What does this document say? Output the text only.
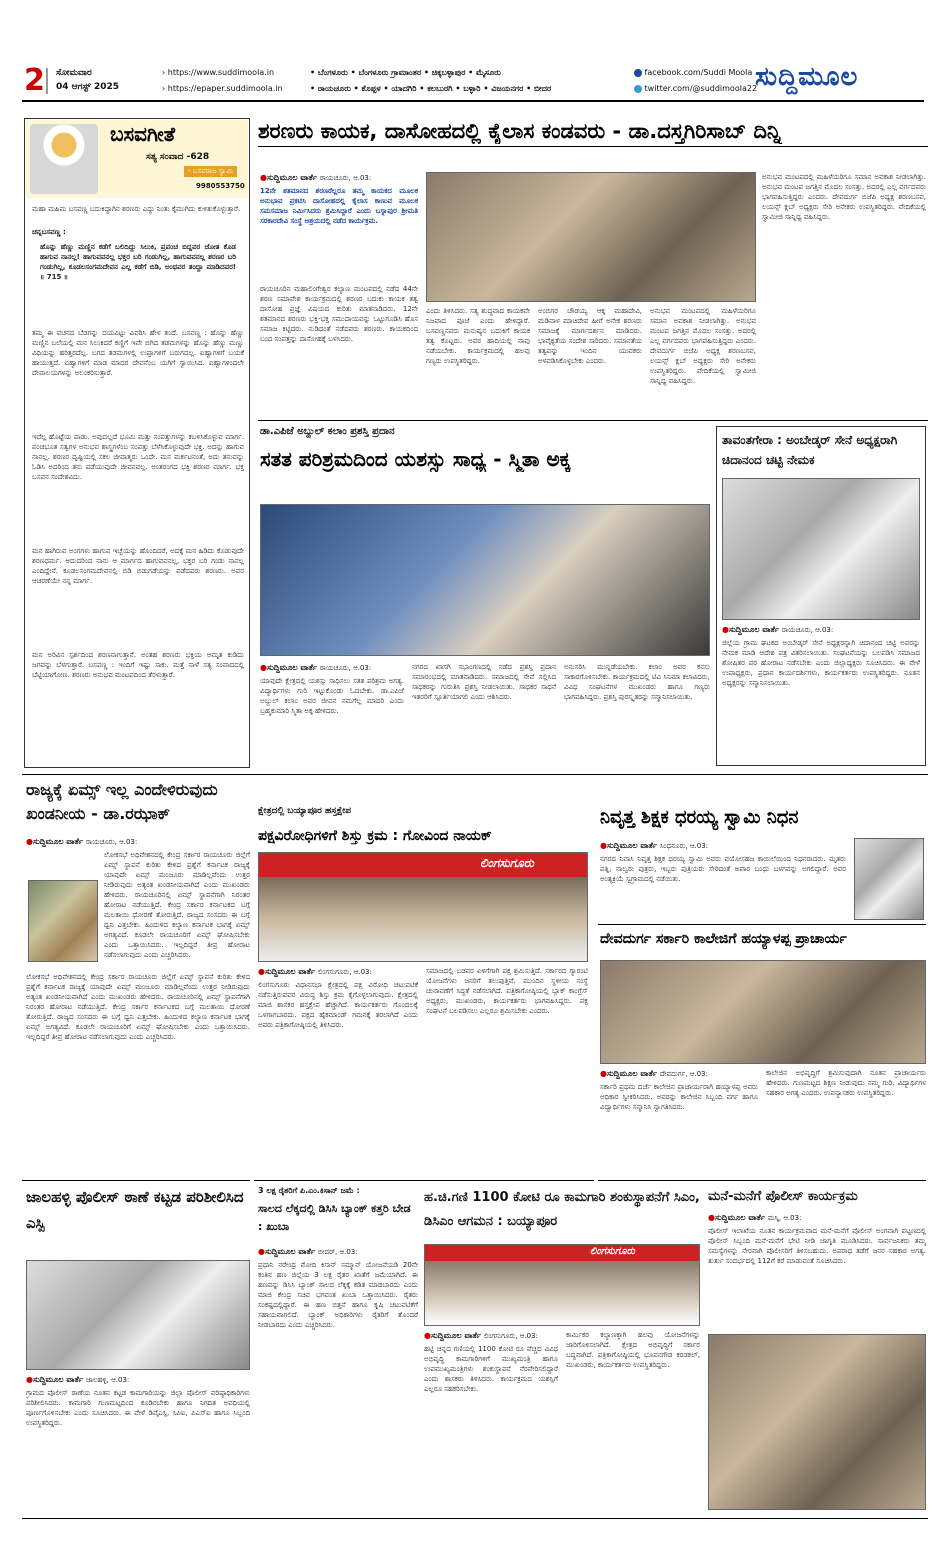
2 ಸೋಮವಾರ
04 ಆಗಸ್ಟ್ 2025
› https://www.suddimoola.in
› https://epaper.suddimoola.in
• ಬೆಂಗಳೂರು • ಬೆಂಗಳೂರು ಗ್ರಾಮಾಂತರ • ಚಿಕ್ಕಬಳ್ಳಾಪುರ • ಮೈಸೂರು
• ರಾಯಚೂರು • ಕೊಪ್ಪಳ • ಯಾದಗಿರಿ • ಕಲಬುರಗಿ • ಬಳ್ಳಾರಿ • ವಿಜಯನಗರ • ಬೀದರ
facebook.com/Suddi Moola
twitter.com/@suddimoola22
ಸುದ್ದಿಮೂಲ
ಬಸವಗೀತೆ
ಸತ್ಯ ಸಂವಾದ -628
- ಬಸವರಾಜ ಸ್ವಾಮಿ
9980553750
ಮಹಾ ಮಹಿಮ ಬಸವಣ್ಣ ಬದುಕಿದ್ದಾಗಿನ ಶರಣರು ಎದ್ದು ನಿಂತು ಕೈಮುಗಿದು ಕುಳಿತುಕೊಳ್ಳುತ್ತಾರೆ.
ಚನ್ನಬಸವಣ್ಣ :
ಹೊನ್ನು ಹೆಣ್ಣು ಮಣ್ಣಿನ ಕಡೆಗೆ ಬಲಿದಿದ್ದು ಸಿಲುಕಿ, ಪ್ರಪಂಚ ಬಿದ್ದವರ ಜೋತ ಕೊಡ ಹಾಗುವ ನಾನಲ್ಲ! ಹಾಗುವವನಲ್ಲ ಭಕ್ತರ ಬರಿ ಗಂಡುಗಿಲ್ಲ, ಹಾಗುವವನಲ್ಲ ಶರಣರ ಬರಿ ಗಂಡುಗಿಲ್ಲ, ಕೂಡಲಸಂಗಮದೇವನ ಎಲ್ಲ ಕಡೆಗೆ ಬಿಡಿ, ಅಂಥವರ ತಂದ್ದಾ ಮಾಡಿದವರ! ॥ 715 ॥
ತಮ್ಮ ಈ ವಚನದ ಬೆಡಗನ್ನು ದಯವಿಟ್ಟು ವಿವರಿಸಿ ಹೇಳ ತಂದೆ. ಬಸವಣ್ಣ : ಹೊನ್ನು ಹೆಣ್ಣು ಮಣ್ಣಿನ ಬಲೆಯಲ್ಲಿ ಮನ ಸಿಲುಕಿದರೆ ಕಣ್ಣಿಗೆ ಇವೇ ಬಿಗಿದ ತಡಮಗಳನ್ನು ಹೊನ್ನು ಹೆಣ್ಣು ಮಣ್ಣು ವಿಧಿಯನ್ನು ಹರಿತ್ತರದೆಲ್ಲ. ಬಗದ ತಡಮಗಳಲ್ಲಿ ಉಪ್ಪಾಗಳಿಗೆ ಬರುಗದಲ್ಲ. ಐಹ್ವಾಗಳಿಗೆ ಬಯಕೆ ಹಾಯುತ್ತದೆ. ಐಹ್ವಾಗಳಿಗೆ ಮಾಡ ಮಾದರ ದೇವನೆಂಬ ಯಗಿಗೆ ಸ್ವಾಯಿಸಿದ. ಐಹ್ವಾಗಳಿಂದಲೇ ದೇವಾಲಯಗಳನ್ನು ಅಲಂಕರಿಸುತ್ತಾರೆ.
ಇದೆಲ್ಲ ಹೊಟ್ಟೆಯ ಪಾಡು. ಅವುದಲ್ಲದೆ ಭೂಮಿ ಮತ್ತು ಸಂಪತ್ತುಗಳನ್ನು ಕಬಳಿಸಿಕೊಳ್ಳುವ ಮಾರ್ಗ. ಪಂಚಭೂತ ಸತ್ವಗಳ ಅನುಭವ ಶಾಸ್ತ್ರಗಳೆಂಬ ಸಂಪತ್ತು ಬೆಳೆಸಿಕೊಳ್ಳುವುದೇ ಭಕ್ತಿ. ಅದನ್ನು ಹಾಗುವ ನಾನಲ್ಲ. ಶರಣರ ದೃಷ್ಟಿಯಲ್ಲಿ ಸಕಲ ಜೀವಾತ್ಮರು ಒಂದೇ. ಮನ ಮರ್ಕಟನಂತೆ, ಅದು ತನುವನ್ನು ಓಡಿಸಿ ಅದರಿಂದ ತನು ಪಡೆಯುವುದೇ ಜೀವನವಲ್ಲ. ಅಂತರಂಗದ ಭಕ್ತಿ ಶರಣರ ಮಾರ್ಗ. ಭಕ್ತ ಬಸವನ ಸಂದೇಶವಿದು.
ಮನ ಹಾಗಿರುವ ಅಂಗಗಳು ಹಾಗುವ ಇಚ್ಛೆಯನ್ನು ಹೊಂದಿದರೆ, ಅದಕ್ಕೆ ಮನ ಹಿಡಿದು ಕೊಡುವುದೇ ಶರಣಧರ್ಮ. ಆದುದರಿಂದ ನಾನು ಆ ಮಾರ್ಗದ ಹಾಗುವವನಲ್ಲ, ಭಕ್ತರ ಬರಿ ಗಂಡು ನಾನಲ್ಲ ಎಂದಿದ್ದೇನೆ. ಕೂಡಲಸಂಗಮದೇವನಲ್ಲಿ ಬಿಡಿ ಬಿಡುಗಡೆಯನ್ನು ಪಡೆದವರು ಶರಣರು. ಅವರ ಆಚರಣೆಯೇ ನನ್ನ ಮಾರ್ಗ.
ಮನ ಅರಿವಿನ ಸ್ಪರ್ಶದಿಂದ ಶರಣನಾಗುತ್ತಾನೆ. ಅಂತಹ ಶರಣರು ಭಕ್ತಿಯ ಅಮೃತ ಕುಡಿದು ಜಗವನ್ನು ಬೆಳಗುತ್ತಾರೆ. ಬಸವಣ್ಣ : ಇಂದಿಗೆ ಇಷ್ಟು ಸಾಕು. ಮತ್ತೆ ನಾಳೆ ಸತ್ಯ ಸಂವಾದದಲ್ಲಿ ಬೆಟ್ಟಿಯಾಗೋಣ. ಶರಣರು ಅನುಭವ ಮಂಟಪದಿಂದ ತೆರಳುತ್ತಾರೆ.
ಶರಣರು ಕಾಯಕ, ದಾಸೋಹದಲ್ಲಿ ಕೈಲಾಸ ಕಂಡವರು - ಡಾ.ದಸ್ತಗಿರಿಸಾಬ್ ದಿನ್ನಿ
●ಸುದ್ದಿಮೂಲ ವಾರ್ತೆ ರಾಯಚೂರು, ಆ.03:
12ನೇ ಶತಮಾನದ ಶರಣರೆಲ್ಲರೂ ತಮ್ಮ ಕಾಯಕದ ಮೂಲಕ ಅನುಭಾವ ಪ್ರಕಟಿಸಿ ದಾಸೋಹದಲ್ಲಿ ಕೈಲಾಸ ಕಾಣುವ ಮೂಲಕ ಸಮಸಮಾಜ ನಿರ್ಮಿಸಿದರು ಶ್ರಮಿಸಿದ್ದಾರೆ ಎಂದು ಬಸ್ನಾಪುರ ಶ್ರೀಮತಿ ಸರಕಾರದೇವಿ ಸಂಸ್ಥೆ ಆಶ್ರಯದಲ್ಲಿ ನಡೆದ ಕಾರ್ಯಕ್ರಮ.
ರಾಯಚೂರಿನ ಮಹಾಲಿಂಗೇಶ್ವರ ಕಲ್ಯಾಣ ಮಂಟಪದಲ್ಲಿ ನಡೆದ 44ನೇ ಶರಣ ಸಮಾವೇಶ ಕಾರ್ಯಕ್ರಮದಲ್ಲಿ ಶರಣರ ಬದುಕು ಕಾಯಕ ತತ್ವ ದಾಸೋಹ ಪ್ರಜ್ಞೆ ವಿಷಯದ ಕುರಿತು ಮಾತನಾಡಿದರು. 12ನೇ ಶತಮಾನದ ಶರಣರು ಭಕ್ತಿ-ಭಕ್ತ ಸಮುದಾಯವನ್ನು ಒಟ್ಟುಗೂಡಿಸಿ ಹೊಸ ಸಮಾಜ ಕಟ್ಟಿದರು. ನುಡಿದಂತೆ ನಡೆದವರು ಶರಣರು. ಕಾಯಕದಿಂದ ಬಂದ ಸಂಪತ್ತನ್ನು ದಾಸೋಹಕ್ಕೆ ಬಳಸಿದರು.
ಎಂದು ತಿಳಿಸಿದರು. ಸತ್ಯ ಶುದ್ಧವಾದ ಕಾಯಕವೇ ನಿಜವಾದ ಪೂಜೆ ಎಂದು ಹೇಳಿದ್ದಾರೆ. ಬಸವಣ್ಣನವರು ಮನುಷ್ಯನ ಬದುಕಿಗೆ ಕಾಯಕ ತತ್ವ ಕೊಟ್ಟರು. ಅವರ ಹಾದಿಯಲ್ಲಿ ನಾವು ನಡೆಯಬೇಕು. ಕಾರ್ಯಕ್ರಮದಲ್ಲಿ ಹಲವು ಗಣ್ಯರು ಉಪಸ್ಥಿತರಿದ್ದರು.
ಅಂಬಿಗರ ಚೌಡಯ್ಯ ಆಕ್ಕ ಮಹಾದೇವಿ, ಮಡಿವಾಳ ಮಾಚಿದೇವ ಹೀಗೆ ಅನೇಕ ಶರಣರು ಸಮಾಜಕ್ಕೆ ಮಾರ್ಗದರ್ಶನ ಮಾಡಿದರು. ಭಾವೈಕ್ಯತೆಯ ಸಂದೇಶ ಸಾರಿದರು. ಸಮಾನತೆಯ ತತ್ವವನ್ನು ಇಂದಿನ ಯುವಕರು ಅಳವಡಿಸಿಕೊಳ್ಳಬೇಕು ಎಂದರು.
ಅನುಭವ ಮಂಟಪದಲ್ಲಿ ಮಹಿಳೆಯರಿಗೂ ಸಮಾನ ಅವಕಾಶ ನೀಡಲಾಗಿತ್ತು. ಅನುಭವ ಮಂಟಪ ಜಗತ್ತಿನ ಮೊದಲ ಸಂಸತ್ತು. ಅದರಲ್ಲಿ ಎಲ್ಲ ವರ್ಗದವರು ಭಾಗವಹಿಸುತ್ತಿದ್ದರು ಎಂದರು. ದೇವದುರ್ಗ ಬಿಜೆಪಿ ಅಧ್ಯಕ್ಷ ಶರಣಬಸವ, ಲಯನ್ಸ್ ಕ್ಲಬ್ ಅಧ್ಯಕ್ಷರು ಸೇರಿ ಅನೇಕರು ಉಪಸ್ಥಿತರಿದ್ದರು. ವೇದಿಕೆಯಲ್ಲಿ ಸ್ವಾಮೀಜಿ ಸಾನ್ನಿಧ್ಯ ವಹಿಸಿದ್ದರು.
ಅನುಭವ ಮಂಟಪದಲ್ಲಿ ಮಹಿಳೆಯರಿಗೂ ಸಮಾನ ಅವಕಾಶ ನೀಡಲಾಗಿತ್ತು. ಅನುಭವ ಮಂಟಪ ಜಗತ್ತಿನ ಮೊದಲ ಸಂಸತ್ತು. ಅದರಲ್ಲಿ ಎಲ್ಲ ವರ್ಗದವರು ಭಾಗವಹಿಸುತ್ತಿದ್ದರು ಎಂದರು. ದೇವದುರ್ಗ ಬಿಜೆಪಿ ಅಧ್ಯಕ್ಷ ಶರಣಬಸವ, ಲಯನ್ಸ್ ಕ್ಲಬ್ ಅಧ್ಯಕ್ಷರು ಸೇರಿ ಅನೇಕರು ಉಪಸ್ಥಿತರಿದ್ದರು. ವೇದಿಕೆಯಲ್ಲಿ ಸ್ವಾಮೀಜಿ ಸಾನ್ನಿಧ್ಯ ವಹಿಸಿದ್ದರು.
ಡಾ.ಎಪಿಜೆ ಅಬ್ದುಲ್ ಕಲಾಂ ಪ್ರಶಸ್ತಿ ಪ್ರದಾನ
ಸತತ ಪರಿಶ್ರಮದಿಂದ ಯಶಸ್ಸು ಸಾಧ್ಯ - ಸ್ಮಿತಾ ಅಕ್ಕ
●ಸುದ್ದಿಮೂಲ ವಾರ್ತೆ ರಾಯಚೂರು, ಆ.03:
ಯಾವುದೇ ಕ್ಷೇತ್ರದಲ್ಲಿ ಯಶಸ್ಸು ಸಾಧಿಸಲು ಸತತ ಪರಿಶ್ರಮ ಅಗತ್ಯ. ವಿದ್ಯಾರ್ಥಿಗಳು ಗುರಿ ಇಟ್ಟುಕೊಂಡು ಓದಬೇಕು. ಡಾ.ಎಪಿಜೆ ಅಬ್ದುಲ್ ಕಲಾಂ ಅವರ ಜೀವನ ನಮಗೆಲ್ಲ ಮಾದರಿ ಎಂದು ಬ್ರಹ್ಮಕುಮಾರಿ ಸ್ಮಿತಾ ಅಕ್ಕ ಹೇಳಿದರು.
ನಗರದ ಖಾಸಗಿ ಸಭಾಂಗಣದಲ್ಲಿ ನಡೆದ ಪ್ರಶಸ್ತಿ ಪ್ರದಾನ ಸಮಾರಂಭದಲ್ಲಿ ಮಾತನಾಡಿದರು. ಸಮಾಜದಲ್ಲಿ ಸೇವೆ ಸಲ್ಲಿಸಿದ ಸಾಧಕರನ್ನು ಗುರುತಿಸಿ ಪ್ರಶಸ್ತಿ ನೀಡಲಾಯಿತು. ಸಾಧಕರ ಸಾಧನೆ ಇತರರಿಗೆ ಸ್ಪೂರ್ತಿಯಾಗಲಿ ಎಂದು ಆಶಿಸಿದರು.
ಅನುಸರಿಸಿ ಮುನ್ನಡೆಯಬೇಕು. ಕಲಾಂ ಅವರ ಕನಸು ಸಾಕಾರಗೊಳಿಸಬೇಕು. ಕಾರ್ಯಕ್ರಮದಲ್ಲಿ ಟಿವಿ ಸಿನಿಮಾ ಕಲಾವಿದರು, ವಿವಿಧ ಸಂಘಟನೆಗಳ ಮುಖಂಡರು ಹಾಗೂ ಗಣ್ಯರು ಭಾಗವಹಿಸಿದ್ದರು. ಪ್ರಶಸ್ತಿ ಪುರಸ್ಕೃತರನ್ನು ಸನ್ಮಾನಿಸಲಾಯಿತು.
ತಾವಂತಗೇರಾ : ಅಂಬೇಡ್ಕರ್ ಸೇನೆ ಅಧ್ಯಕ್ಷರಾಗಿ ಚಿದಾನಂದ ಚಟ್ಟಿ ನೇಮಕ
●ಸುದ್ದಿಮೂಲ ವಾರ್ತೆ ರಾಯಚೂರು, ಆ.03:
ಜಿಲ್ಲೆಯ ಗ್ರಾಮ ಘಟಕದ ಅಂಬೇಡ್ಕರ್ ಸೇನೆ ಅಧ್ಯಕ್ಷರನ್ನಾಗಿ ಚಿದಾನಂದ ಚಟ್ಟಿ ಅವರನ್ನು ನೇಮಕ ಮಾಡಿ ಆದೇಶ ಪತ್ರ ವಿತರಿಸಲಾಯಿತು. ಸಂಘಟನೆಯನ್ನು ಬಲಪಡಿಸಿ ಸಮಾಜದ ಶೋಷಿತರ ಪರ ಹೋರಾಟ ನಡೆಸಬೇಕು ಎಂದು ಜಿಲ್ಲಾಧ್ಯಕ್ಷರು ಸೂಚಿಸಿದರು. ಈ ವೇಳೆ ಉಪಾಧ್ಯಕ್ಷರು, ಪ್ರಧಾನ ಕಾರ್ಯದರ್ಶಿಗಳು, ಕಾರ್ಯಕರ್ತರು ಉಪಸ್ಥಿತರಿದ್ದರು. ನೂತನ ಅಧ್ಯಕ್ಷರನ್ನು ಸನ್ಮಾನಿಸಲಾಯಿತು.
ರಾಜ್ಯಕ್ಕೆ ಏಮ್ಸ್ ಇಲ್ಲ ಎಂದೇಳಿರುವುದು ಖಂಡನೀಯ - ಡಾ.ರಝಾಕ್
●ಸುದ್ದಿಮೂಲ ವಾರ್ತೆ ರಾಯಚೂರು, ಆ.03:
ಲೋಕಸಭೆ ಅಧಿವೇಶನದಲ್ಲಿ ಕೇಂದ್ರ ಸರ್ಕಾರ ರಾಯಚೂರು ಜಿಲ್ಲೆಗೆ ಏಮ್ಸ್ ಸ್ಥಾಪನೆ ಕುರಿತು ಕೇಳಿದ ಪ್ರಶ್ನೆಗೆ ಕರ್ನಾಟಕ ರಾಜ್ಯಕ್ಕೆ ಯಾವುದೇ ಏಮ್ಸ್ ಮಂಜೂರು ಮಾಡಿಲ್ಲವೆಂದು ಉತ್ತರ ನೀಡಿರುವುದು ಅತ್ಯಂತ ಖಂಡನೀಯವಾಗಿದೆ ಎಂದು ಮುಖಂಡರು ಹೇಳಿದರು. ರಾಯಚೂರಿನಲ್ಲಿ ಏಮ್ಸ್ ಸ್ಥಾಪನೆಗಾಗಿ ನಿರಂತರ ಹೋರಾಟ ನಡೆಯುತ್ತಿದೆ. ಕೇಂದ್ರ ಸರ್ಕಾರ ಕರ್ನಾಟಕದ ಬಗ್ಗೆ ಮಲತಾಯಿ ಧೋರಣೆ ತೋರುತ್ತಿದೆ. ರಾಜ್ಯದ ಸಂಸದರು ಈ ಬಗ್ಗೆ ಧ್ವನಿ ಎತ್ತಬೇಕು. ಹಿಂದುಳಿದ ಕಲ್ಯಾಣ ಕರ್ನಾಟಕ ಭಾಗಕ್ಕೆ ಏಮ್ಸ್ ಅಗತ್ಯವಿದೆ. ಕೂಡಲೇ ರಾಯಚೂರಿಗೆ ಏಮ್ಸ್ ಘೋಷಿಸಬೇಕು ಎಂದು ಒತ್ತಾಯಿಸಿದರು. ಇಲ್ಲದಿದ್ದರೆ ತೀವ್ರ ಹೋರಾಟ ನಡೆಸಲಾಗುವುದು ಎಂದು ಎಚ್ಚರಿಸಿದರು.
ಲೋಕಸಭೆ ಅಧಿವೇಶನದಲ್ಲಿ ಕೇಂದ್ರ ಸರ್ಕಾರ ರಾಯಚೂರು ಜಿಲ್ಲೆಗೆ ಏಮ್ಸ್ ಸ್ಥಾಪನೆ ಕುರಿತು ಕೇಳಿದ ಪ್ರಶ್ನೆಗೆ ಕರ್ನಾಟಕ ರಾಜ್ಯಕ್ಕೆ ಯಾವುದೇ ಏಮ್ಸ್ ಮಂಜೂರು ಮಾಡಿಲ್ಲವೆಂದು ಉತ್ತರ ನೀಡಿರುವುದು ಅತ್ಯಂತ ಖಂಡನೀಯವಾಗಿದೆ ಎಂದು ಮುಖಂಡರು ಹೇಳಿದರು. ರಾಯಚೂರಿನಲ್ಲಿ ಏಮ್ಸ್ ಸ್ಥಾಪನೆಗಾಗಿ ನಿರಂತರ ಹೋರಾಟ ನಡೆಯುತ್ತಿದೆ. ಕೇಂದ್ರ ಸರ್ಕಾರ ಕರ್ನಾಟಕದ ಬಗ್ಗೆ ಮಲತಾಯಿ ಧೋರಣೆ ತೋರುತ್ತಿದೆ. ರಾಜ್ಯದ ಸಂಸದರು ಈ ಬಗ್ಗೆ ಧ್ವನಿ ಎತ್ತಬೇಕು. ಹಿಂದುಳಿದ ಕಲ್ಯಾಣ ಕರ್ನಾಟಕ ಭಾಗಕ್ಕೆ ಏಮ್ಸ್ ಅಗತ್ಯವಿದೆ. ಕೂಡಲೇ ರಾಯಚೂರಿಗೆ ಏಮ್ಸ್ ಘೋಷಿಸಬೇಕು ಎಂದು ಒತ್ತಾಯಿಸಿದರು. ಇಲ್ಲದಿದ್ದರೆ ತೀವ್ರ ಹೋರಾಟ ನಡೆಸಲಾಗುವುದು ಎಂದು ಎಚ್ಚರಿಸಿದರು.
ಕ್ಷೇತ್ರದಲ್ಲಿ ಬಯ್ಯಾಪೂರ ಹಸ್ತಕ್ಷೇಪ
ಪಕ್ಷವಿರೋಧಿಗಳಿಗೆ ಶಿಸ್ತು ಕ್ರಮ : ಗೋವಿಂದ ನಾಯಕ್
ಲಿಂಗಸುಗೂರು
●ಸುದ್ದಿಮೂಲ ವಾರ್ತೆ ಲಿಂಗಸುಗೂರು, ಆ.03:
ಲಿಂಗಸುಗೂರು ವಿಧಾನಸಭಾ ಕ್ಷೇತ್ರದಲ್ಲಿ ಪಕ್ಷ ವಿರೋಧಿ ಚಟುವಟಿಕೆ ನಡೆಸುತ್ತಿರುವವರ ವಿರುದ್ಧ ಶಿಸ್ತು ಕ್ರಮ ಕೈಗೊಳ್ಳಲಾಗುವುದು. ಕ್ಷೇತ್ರದಲ್ಲಿ ಮಾಜಿ ಶಾಸಕರ ಹಸ್ತಕ್ಷೇಪ ಹೆಚ್ಚಾಗಿದೆ. ಕಾರ್ಯಕರ್ತರು ಗೊಂದಲಕ್ಕೆ ಒಳಗಾಗಬಾರದು. ಪಕ್ಷದ ಹೈಕಮಾಂಡ್ ಗಮನಕ್ಕೆ ತರಲಾಗಿದೆ ಎಂದು ಅವರು ಪತ್ರಿಕಾಗೋಷ್ಠಿಯಲ್ಲಿ ತಿಳಿಸಿದರು.
ಸಮಾಜದಲ್ಲಿ ಬಡವರ ಏಳಿಗೆಗಾಗಿ ಪಕ್ಷ ಶ್ರಮಿಸುತ್ತಿದೆ. ಸರ್ಕಾರದ ಗ್ಯಾರಂಟಿ ಯೋಜನೆಗಳು ಜನರಿಗೆ ತಲುಪುತ್ತಿವೆ. ಮುಂದಿನ ಸ್ಥಳೀಯ ಸಂಸ್ಥೆ ಚುನಾವಣೆಗೆ ಸಿದ್ಧತೆ ನಡೆಸಲಾಗಿದೆ. ಪತ್ರಿಕಾಗೋಷ್ಠಿಯಲ್ಲಿ ಬ್ಲಾಕ್ ಕಾಂಗ್ರೆಸ್ ಅಧ್ಯಕ್ಷರು, ಮುಖಂಡರು, ಕಾರ್ಯಕರ್ತರು ಭಾಗವಹಿಸಿದ್ದರು. ಪಕ್ಷ ಸಂಘಟನೆ ಬಲಪಡಿಸಲು ಎಲ್ಲರೂ ಶ್ರಮಿಸಬೇಕು ಎಂದರು.
ನಿವೃತ್ತ ಶಿಕ್ಷಕ ಧರಯ್ಯ ಸ್ವಾಮಿ ನಿಧನ
●ಸುದ್ದಿಮೂಲ ವಾರ್ತೆ ಸಿಂಧನೂರು, ಆ.03:
ನಗರದ ನಿವಾಸಿ ನಿವೃತ್ತ ಶಿಕ್ಷಕ ಧರಯ್ಯ ಸ್ವಾಮಿ ಅವರು ವಯೋಸಹಜ ಕಾಯಿಲೆಯಿಂದ ನಿಧನರಾದರು. ಮೃತರು ಪತ್ನಿ, ನಾಲ್ವರು ಪುತ್ರರು, ಇಬ್ಬರು ಪುತ್ರಿಯರು ಸೇರಿದಂತೆ ಅಪಾರ ಬಂಧು ಬಳಗವನ್ನು ಅಗಲಿದ್ದಾರೆ. ಅವರ ಅಂತ್ಯಕ್ರಿಯೆ ಸ್ವಗ್ರಾಮದಲ್ಲಿ ನಡೆಯಿತು.
ದೇವದುರ್ಗ ಸರ್ಕಾರಿ ಕಾಲೇಜಿಗೆ ಹಯ್ಯಾಳಪ್ಪ ಪ್ರಾಚಾರ್ಯ
●ಸುದ್ದಿಮೂಲ ವಾರ್ತೆ ದೇವದುರ್ಗ, ಆ.03:
ಸರ್ಕಾರಿ ಪ್ರಥಮ ದರ್ಜೆ ಕಾಲೇಜಿನ ಪ್ರಾಚಾರ್ಯರಾಗಿ ಹಯ್ಯಾಳಪ್ಪ ಅವರು ಅಧಿಕಾರ ಸ್ವೀಕರಿಸಿದರು. ಅವರನ್ನು ಕಾಲೇಜಿನ ಸಿಬ್ಬಂದಿ ವರ್ಗ ಹಾಗೂ ವಿದ್ಯಾರ್ಥಿಗಳು ಸನ್ಮಾನಿಸಿ ಸ್ವಾಗತಿಸಿದರು.
ಕಾಲೇಜಿನ ಅಭಿವೃದ್ಧಿಗೆ ಶ್ರಮಿಸುವುದಾಗಿ ನೂತನ ಪ್ರಾಚಾರ್ಯರು ಹೇಳಿದರು. ಗುಣಮಟ್ಟದ ಶಿಕ್ಷಣ ನೀಡುವುದು ನಮ್ಮ ಗುರಿ. ವಿದ್ಯಾರ್ಥಿಗಳ ಸಹಕಾರ ಅಗತ್ಯ ಎಂದರು. ಉಪನ್ಯಾಸಕರು ಉಪಸ್ಥಿತರಿದ್ದರು.
ಜಾಲಹಳ್ಳಿ ಪೊಲೀಸ್ ಠಾಣೆ ಕಟ್ಟಡ ಪರಿಶೀಲಿಸಿದ ಎಸ್ಪಿ
●ಸುದ್ದಿಮೂಲ ವಾರ್ತೆ ಜಾಲಹಳ್ಳಿ, ಆ.03:
ಗ್ರಾಮದ ಪೊಲೀಸ್ ಠಾಣೆಯ ನೂತನ ಕಟ್ಟಡ ಕಾಮಗಾರಿಯನ್ನು ಜಿಲ್ಲಾ ಪೊಲೀಸ್ ವರಿಷ್ಠಾಧಿಕಾರಿಗಳು ಪರಿಶೀಲಿಸಿದರು. ಕಾಮಗಾರಿ ಗುಣಮಟ್ಟದಿಂದ ಕೂಡಿರಬೇಕು ಹಾಗೂ ನಿಗದಿತ ಅವಧಿಯಲ್ಲಿ ಪೂರ್ಣಗೊಳಿಸಬೇಕು ಎಂದು ಸೂಚಿಸಿದರು. ಈ ವೇಳೆ ಡಿವೈಎಸ್ಪಿ, ಸಿಪಿಐ, ಪಿಎಸ್ಐ ಹಾಗೂ ಸಿಬ್ಬಂದಿ ಉಪಸ್ಥಿತರಿದ್ದರು.
3 ಲಕ್ಷ ರೈತರಿಗೆ ಪಿ.ಎಂ.ಕಿಸಾನ್ ಜಮೆ :
ಸಾಲದ ಲೆಕ್ಕದಲ್ಲಿ ಡಿಸಿಸಿ ಬ್ಯಾಂಕ್ ಕತ್ತರಿ ಬೇಡ : ಖುಬಾ
●ಸುದ್ದಿಮೂಲ ವಾರ್ತೆ ಬೀದರ್, ಆ.03:
ಪ್ರಧಾನಿ ನರೇಂದ್ರ ಮೋದಿ ಕಿಸಾನ್ ಸಮ್ಮಾನ್ ಯೋಜನೆಯಡಿ 20ನೇ ಕಂತಿನ ಹಣ ಜಿಲ್ಲೆಯ 3 ಲಕ್ಷ ರೈತರ ಖಾತೆಗೆ ಜಮೆಯಾಗಿದೆ. ಈ ಹಣವನ್ನು ಡಿಸಿಸಿ ಬ್ಯಾಂಕ್ ಸಾಲದ ಲೆಕ್ಕಕ್ಕೆ ಕಡಿತ ಮಾಡಬಾರದು ಎಂದು ಮಾಜಿ ಕೇಂದ್ರ ಸಚಿವ ಭಗವಂತ ಖುಬಾ ಒತ್ತಾಯಿಸಿದರು. ರೈತರು ಸಂಕಷ್ಟದಲ್ಲಿದ್ದಾರೆ. ಈ ಹಣ ಬಿತ್ತನೆ ಹಾಗೂ ಕೃಷಿ ಚಟುವಟಿಕೆಗೆ ಸಹಾಯವಾಗಲಿದೆ. ಬ್ಯಾಂಕ್ ಅಧಿಕಾರಿಗಳು ರೈತರಿಗೆ ತೊಂದರೆ ನೀಡಬಾರದು ಎಂದು ಎಚ್ಚರಿಸಿದರು.
ಹ.ಚಿ.ಗಣಿ 1100 ಕೋಟಿ ರೂ ಕಾಮಗಾರಿ ಶಂಕುಸ್ಥಾಪನೆಗೆ ಸಿಎಂ, ಡಿಸಿಎಂ ಆಗಮನ : ಬಯ್ಯಾಪೂರ
ಲಿಂಗಸುಗೂರು
●ಸುದ್ದಿಮೂಲ ವಾರ್ತೆ ಲಿಂಗಸುಗೂರು, ಆ.03:
ಹಟ್ಟಿ ಚಿನ್ನದ ಗಣಿಯಲ್ಲಿ 1100 ಕೋಟಿ ರೂ ವೆಚ್ಚದ ವಿವಿಧ ಅಭಿವೃದ್ಧಿ ಕಾಮಗಾರಿಗಳಿಗೆ ಮುಖ್ಯಮಂತ್ರಿ ಹಾಗೂ ಉಪಮುಖ್ಯಮಂತ್ರಿಗಳು ಶಂಕುಸ್ಥಾಪನೆ ನೆರವೇರಿಸಲಿದ್ದಾರೆ ಎಂದು ಶಾಸಕರು ತಿಳಿಸಿದರು. ಕಾರ್ಯಕ್ರಮದ ಯಶಸ್ಸಿಗೆ ಎಲ್ಲರೂ ಸಹಕರಿಸಬೇಕು.
ಕಾರ್ಮಿಕರ ಕಲ್ಯಾಣಕ್ಕಾಗಿ ಹಲವು ಯೋಜನೆಗಳನ್ನು ಜಾರಿಗೊಳಿಸಲಾಗಿದೆ. ಕ್ಷೇತ್ರದ ಅಭಿವೃದ್ಧಿಗೆ ಸರ್ಕಾರ ಬದ್ಧವಾಗಿದೆ. ಪತ್ರಿಕಾಗೋಷ್ಠಿಯಲ್ಲಿ ಭೂಪನಗೌಡ ಕರಡಕಲ್, ಮುಖಂಡರು, ಕಾರ್ಯಕರ್ತರು ಉಪಸ್ಥಿತರಿದ್ದರು.
ಮನೆ-ಮನೆಗೆ ಪೊಲೀಸ್ ಕಾರ್ಯಕ್ರಮ
●ಸುದ್ದಿಮೂಲ ವಾರ್ತೆ ಮಸ್ಕಿ, ಆ.03:
ಪೊಲೀಸ್ ಇಲಾಖೆಯ ನೂತನ ಕಾರ್ಯಕ್ರಮವಾದ ಮನೆ-ಮನೆಗೆ ಪೊಲೀಸ್ ಅಂಗವಾಗಿ ಪಟ್ಟಣದಲ್ಲಿ ಪೊಲೀಸ್ ಸಿಬ್ಬಂದಿ ಮನೆ-ಮನೆಗೆ ಭೇಟಿ ನೀಡಿ ಜಾಗೃತಿ ಮೂಡಿಸಿದರು. ಸಾರ್ವಜನಿಕರು ತಮ್ಮ ಸಮಸ್ಯೆಗಳನ್ನು ನೇರವಾಗಿ ಪೊಲೀಸರಿಗೆ ತಿಳಿಸಬಹುದು. ಅಪರಾಧ ತಡೆಗೆ ಜನರ ಸಹಕಾರ ಅಗತ್ಯ. ತುರ್ತು ಸಂದರ್ಭದಲ್ಲಿ 112ಗೆ ಕರೆ ಮಾಡುವಂತೆ ಸೂಚಿಸಿದರು.
